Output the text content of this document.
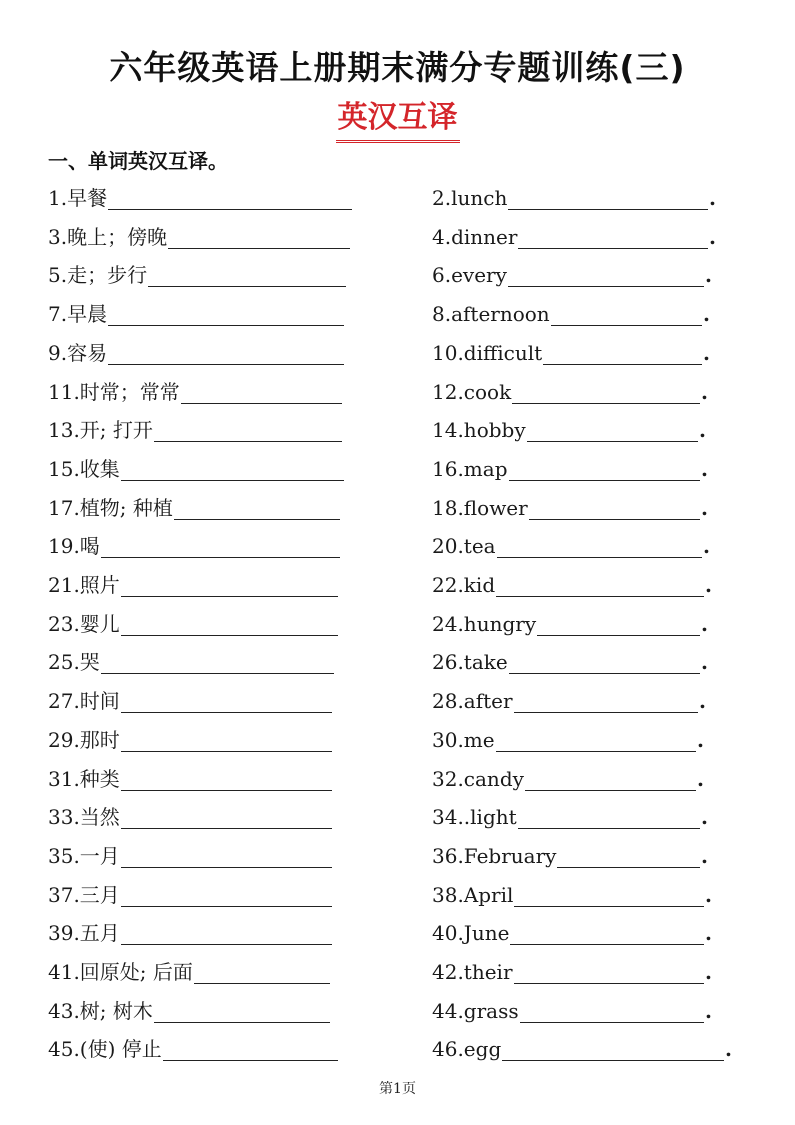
六年级英语上册期末满分专题训练(三)
英汉互译
一、单词英汉互译。
1.早餐
3.晚上；傍晚
5.走；步行
7.早晨
9.容易
11.时常；常常
13.开; 打开
15.收集
17.植物; 种植
19.喝
21.照片
23.婴儿
25.哭
27.时间
29.那时
31.种类
33.当然
35.一月
37.三月
39.五月
41.回原处; 后面
43.树; 树木
45.(使) 停止
2.lunch	.
4.dinner	.
6.every	.
8.afternoon	.
10.difficult	.
12.cook	.
14.hobby	.
16.map	.
18.flower	.
20.tea	.
22.kid	.
24.hungry	.
26.take	.
28.after	.
30.me	.
32.candy	.
34..light	.
36.February	.
38.April	.
40.June	.
42.their	.
44.grass	.
46.egg	.
第1页
